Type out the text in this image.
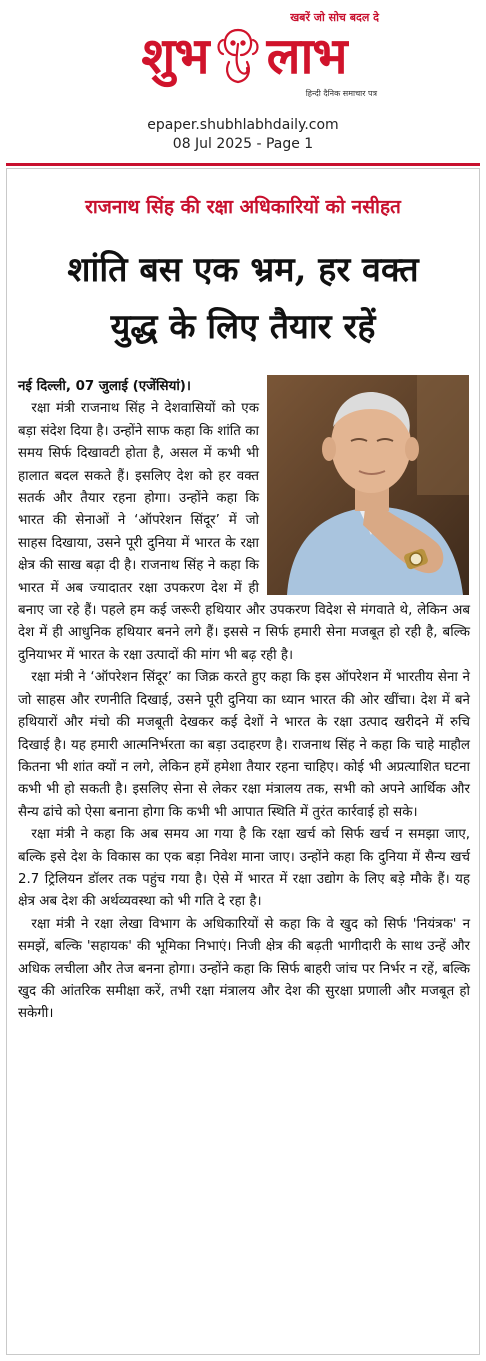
खबरें जो सोच बदल दे
शुभ लाभ
हिन्दी दैनिक समाचार पत्र
epaper.shubhlabhdaily.com
08 Jul 2025 - Page 1
राजनाथ सिंह की रक्षा अधिकारियों को नसीहत
शांति बस एक भ्रम, हर वक्त
युद्ध के लिए तैयार रहें

नई दिल्ली, 07 जुलाई (एजेंसियां)।

रक्षा मंत्री राजनाथ सिंह ने देशवासियों को एक बड़ा संदेश दिया है। उन्होंने साफ कहा कि शांति का समय सिर्फ दिखावटी होता है, असल में कभी भी हालात बदल सकते हैं। इसलिए देश को हर वक्त सतर्क और तैयार रहना होगा। उन्होंने कहा कि भारत की सेनाओं ने ‘ऑपरेशन सिंदूर’ में जो साहस दिखाया, उसने पूरी दुनिया में भारत के रक्षा क्षेत्र की साख बढ़ा दी है। राजनाथ सिंह ने कहा कि भारत में अब ज्यादातर रक्षा उपकरण देश में ही बनाए जा रहे हैं। पहले हम कई जरूरी हथियार और उपकरण विदेश से मंगवाते थे, लेकिन अब देश में ही आधुनिक हथियार बनने लगे हैं। इससे न सिर्फ हमारी सेना मजबूत हो रही है, बल्कि दुनियाभर में भारत के रक्षा उत्पादों की मांग भी बढ़ रही है।

रक्षा मंत्री ने ‘ऑपरेशन सिंदूर’ का जिक्र करते हुए कहा कि इस ऑपरेशन में भारतीय सेना ने जो साहस और रणनीति दिखाई, उसने पूरी दुनिया का ध्यान भारत की ओर खींचा। देश में बने हथियारों और मंचो की मजबूती देखकर कई देशों ने भारत के रक्षा उत्पाद खरीदने में रुचि दिखाई है। यह हमारी आत्मनिर्भरता का बड़ा उदाहरण है। राजनाथ सिंह ने कहा कि चाहे माहौल कितना भी शांत क्यों न लगे, लेकिन हमें हमेशा तैयार रहना चाहिए। कोई भी अप्रत्याशित घटना कभी भी हो सकती है। इसलिए सेना से लेकर रक्षा मंत्रालय तक, सभी को अपने आर्थिक और सैन्य ढांचे को ऐसा बनाना होगा कि कभी भी आपात स्थिति में तुरंत कार्रवाई हो सके।

रक्षा मंत्री ने कहा कि अब समय आ गया है कि रक्षा खर्च को सिर्फ खर्च न समझा जाए, बल्कि इसे देश के विकास का एक बड़ा निवेश माना जाए। उन्होंने कहा कि दुनिया में सैन्य खर्च 2.7 ट्रिलियन डॉलर तक पहुंच गया है। ऐसे में भारत में रक्षा उद्योग के लिए बड़े मौके हैं। यह क्षेत्र अब देश की अर्थव्यवस्था को भी गति दे रहा है।

रक्षा मंत्री ने रक्षा लेखा विभाग के अधिकारियों से कहा कि वे खुद को सिर्फ 'नियंत्रक' न समझें, बल्कि 'सहायक' की भूमिका निभाएं। निजी क्षेत्र की बढ़ती भागीदारी के साथ उन्हें और अधिक लचीला और तेज बनना होगा। उन्होंने कहा कि सिर्फ बाहरी जांच पर निर्भर न रहें, बल्कि खुद की आंतरिक समीक्षा करें, तभी रक्षा मंत्रालय और देश की सुरक्षा प्रणाली और मजबूत हो सकेगी।
